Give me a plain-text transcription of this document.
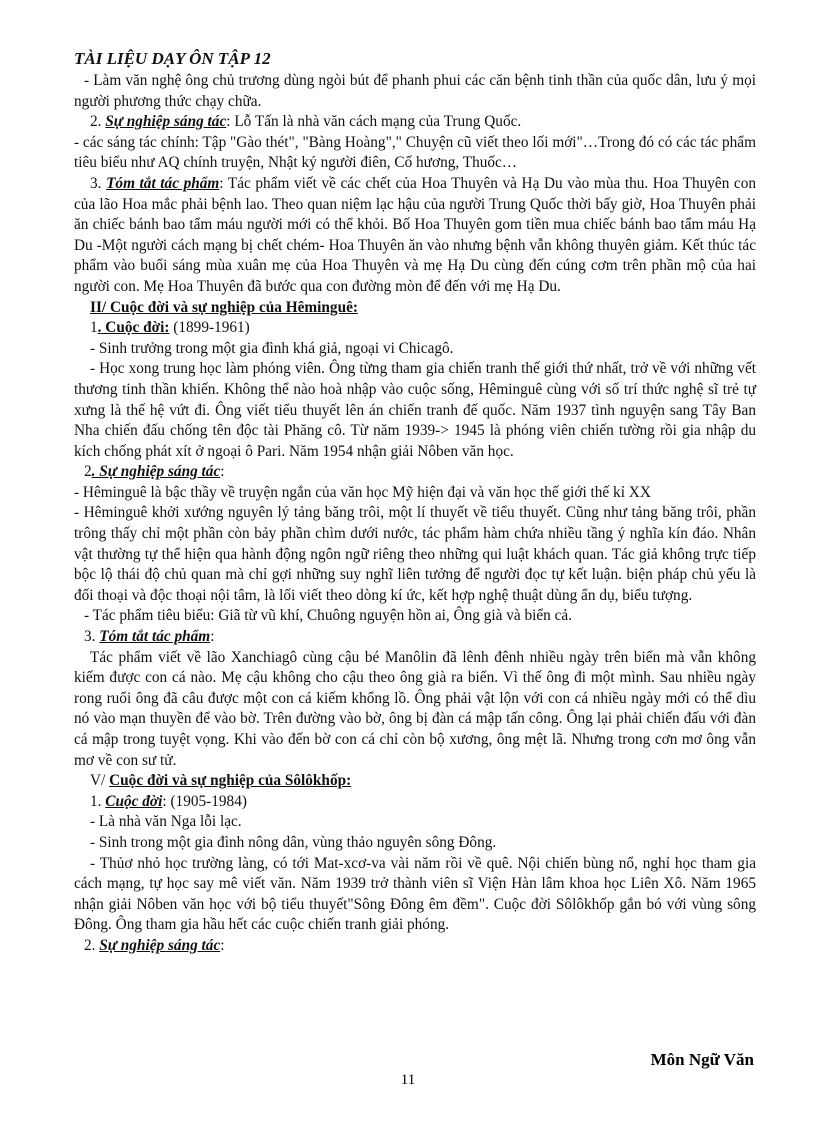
TÀI LIỆU DẠY ÔN TẬP 12

- Làm văn nghệ ông chủ trương dùng ngòi bút để phanh phui các căn bệnh tinh thần của quốc dân, lưu ý mọi người phương thức chạy chữa.

2. Sự nghiệp sáng tác: Lỗ Tấn là nhà văn cách mạng của Trung Quốc.

- các sáng tác chính: Tập "Gào thét", "Bàng Hoàng"," Chuyện cũ viết theo lối mới"…Trong đó có các tác phẩm tiêu biểu như AQ chính truyện, Nhật ký người điên, Cố hương, Thuốc…

3. Tóm tắt tác phẩm: Tác phẩm viết về các chết của Hoa Thuyên và Hạ Du vào mùa thu. Hoa Thuyên con của lão Hoa mắc phải bệnh lao. Theo quan niệm lạc hậu của người Trung Quốc thời bấy giờ, Hoa Thuyên phải ăn chiếc bánh bao tẩm máu người mới có thể khỏi. Bố Hoa Thuyên gom tiền mua chiếc bánh bao tẩm máu Hạ Du -Một người cách mạng bị chết chém- Hoa Thuyên ăn vào nhưng bệnh vẫn không thuyên giảm. Kết thúc tác phẩm vào buổi sáng mùa xuân mẹ của Hoa Thuyên và mẹ Hạ Du cùng đến cúng cơm trên phần mộ của hai người con. Mẹ Hoa Thuyên đã bước qua con đường mòn để đến với mẹ Hạ Du.

II/ Cuộc đời và sự nghiệp của Hêminguê:

1. Cuộc đời: (1899-1961)

- Sinh trưởng trong một gia đình khá giả, ngoại vi Chicagô.

- Học xong trung học làm phóng viên. Ông từng tham gia chiến tranh thế giới thứ nhất, trở về với những vết thương tinh thần khiến. Không thể nào hoà nhập vào cuộc sống, Hêminguê cùng với số trí thức nghệ sĩ trẻ tự xưng là thế hệ vứt đi. Ông viết tiểu thuyết lên án chiến tranh đế quốc. Năm 1937 tình nguyện sang Tây Ban Nha chiến đấu chống tên độc tài Phăng cô. Từ năm 1939-> 1945 là phóng viên chiến tường rồi gia nhập du kích chống phát xít ở ngoại ô Pari. Năm 1954 nhận giải Nôben văn học.

2. Sự nghiệp sáng tác:

- Hêminguê là bậc thầy về truyện ngắn của văn học Mỹ hiện đại và văn học thế giới thế kỉ XX

- Hêminguê khởi xướng nguyên lý tảng băng trôi, một lí thuyết về tiểu thuyết. Cũng như tảng băng trôi, phần trông thấy chỉ một phần còn bảy phần chìm dưới nước, tác phẩm hàm chứa nhiều tầng ý nghĩa kín đáo. Nhân vật thường tự thể hiện qua hành động ngôn ngữ riêng theo những qui luật khách quan. Tác giả không trực tiếp bộc lộ thái độ chủ quan mà chỉ gợi những suy nghĩ liên tưởng để người đọc tự kết luận. biện pháp chủ yếu là đối thoại và độc thoại nội tâm, là lối viết theo dòng kí ức, kết hợp nghệ thuật dùng ẩn dụ, biểu tượng.

- Tác phẩm tiêu biểu: Giã từ vũ khí, Chuông nguyện hồn ai, Ông già và biển cả.

3. Tóm tắt tác phẩm:

Tác phẩm viết về lão Xanchiagô cùng cậu bé Manôlin đã lênh đênh nhiều ngày trên biển mà vẫn không kiếm được con cá nào. Mẹ cậu không cho cậu theo ông già ra biển. Vì thế ông đi một mình. Sau nhiều ngày rong ruổi ông đã câu được một con cá kiếm khổng lồ. Ông phải vật lộn với con cá nhiều ngày mới có thể dìu nó vào mạn thuyền để vào bờ. Trên đường vào bờ, ông bị đàn cá mập tấn công. Ông lại phải chiến đấu với đàn cá mập trong tuyệt vọng. Khi vào đến bờ con cá chỉ còn bộ xương, ông mệt lã. Nhưng trong cơn mơ ông vẫn mơ về con sư tử.

V/ Cuộc đời và sự nghiệp của Sôlôkhốp:

1. Cuộc đời: (1905-1984)

- Là nhà văn Nga lỗi lạc.

- Sinh trong một gia đình nông dân, vùng thảo nguyên sông Đông.

- Thủơ nhỏ học trường làng, có tới Mat-xcơ-va vài năm rồi về quê. Nội chiến bùng nổ, nghỉ học tham gia cách mạng, tự học say mê viết văn. Năm 1939 trở thành viên sĩ Viện Hàn lâm khoa học Liên Xô. Năm 1965 nhận giải Nôben văn học với bộ tiểu thuyết"Sông Đông êm đềm". Cuộc đời Sôlôkhốp gắn bó với vùng sông Đông. Ông tham gia hầu hết các cuộc chiến tranh giải phóng.

2. Sự nghiệp sáng tác:

Môn Ngữ Văn
11
